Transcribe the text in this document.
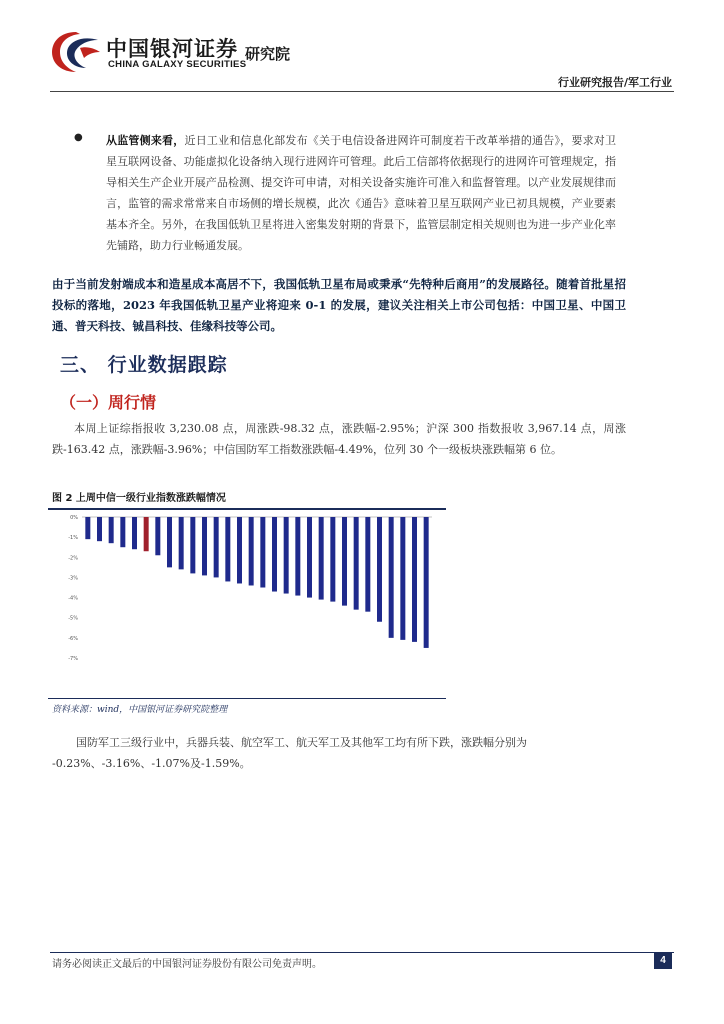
中国银河证券
CHINA GALAXY SECURITIES
研究院
行业研究报告/军工行业
● 从监管侧来看，近日工业和信息化部发布《关于电信设备进网许可制度若干改革举措的通告》，要求对卫星互联网设备、功能虚拟化设备纳入现行进网许可管理。此后工信部将依据现行的进网许可管理规定，指导相关生产企业开展产品检测、提交许可申请，对相关设备实施许可准入和监督管理。以产业发展规律而言，监管的需求常常来自市场侧的增长规模，此次《通告》意味着卫星互联网产业已初具规模，产业要素基本齐全。另外，在我国低轨卫星将进入密集发射期的背景下，监管层制定相关规则也为进一步产业化率先铺路，助力行业畅通发展。

由于当前发射端成本和造星成本高居不下，我国低轨卫星布局或秉承“先特种后商用”的发展路径。随着首批星招投标的落地，2023 年我国低轨卫星产业将迎来 0-1 的发展，建议关注相关上市公司包括：中国卫星、中国卫通、普天科技、铖昌科技、佳缘科技等公司。

三、 行业数据跟踪
（一）周行情

本周上证综指报收 3,230.08 点，周涨跌-98.32 点，涨跌幅-2.95%；沪深 300 指数报收 3,967.14 点，周涨跌-163.42 点，涨跌幅-3.96%；中信国防军工指数涨跌幅-4.49%，位列 30 个一级板块涨跌幅第 6 位。

图 2 上周中信一级行业指数涨跌幅情况

0%
-1%
-2%
-3%
-4%
-5%
-6%
-7%

资料来源：wind，中国银河证券研究院整理

国防军工三级行业中，兵器兵装、航空军工、航天军工及其他军工均有所下跌，涨跌幅分别为 -0.23%、-3.16%、-1.07%及-1.59%。

请务必阅读正文最后的中国银河证券股份有限公司免责声明。	4
